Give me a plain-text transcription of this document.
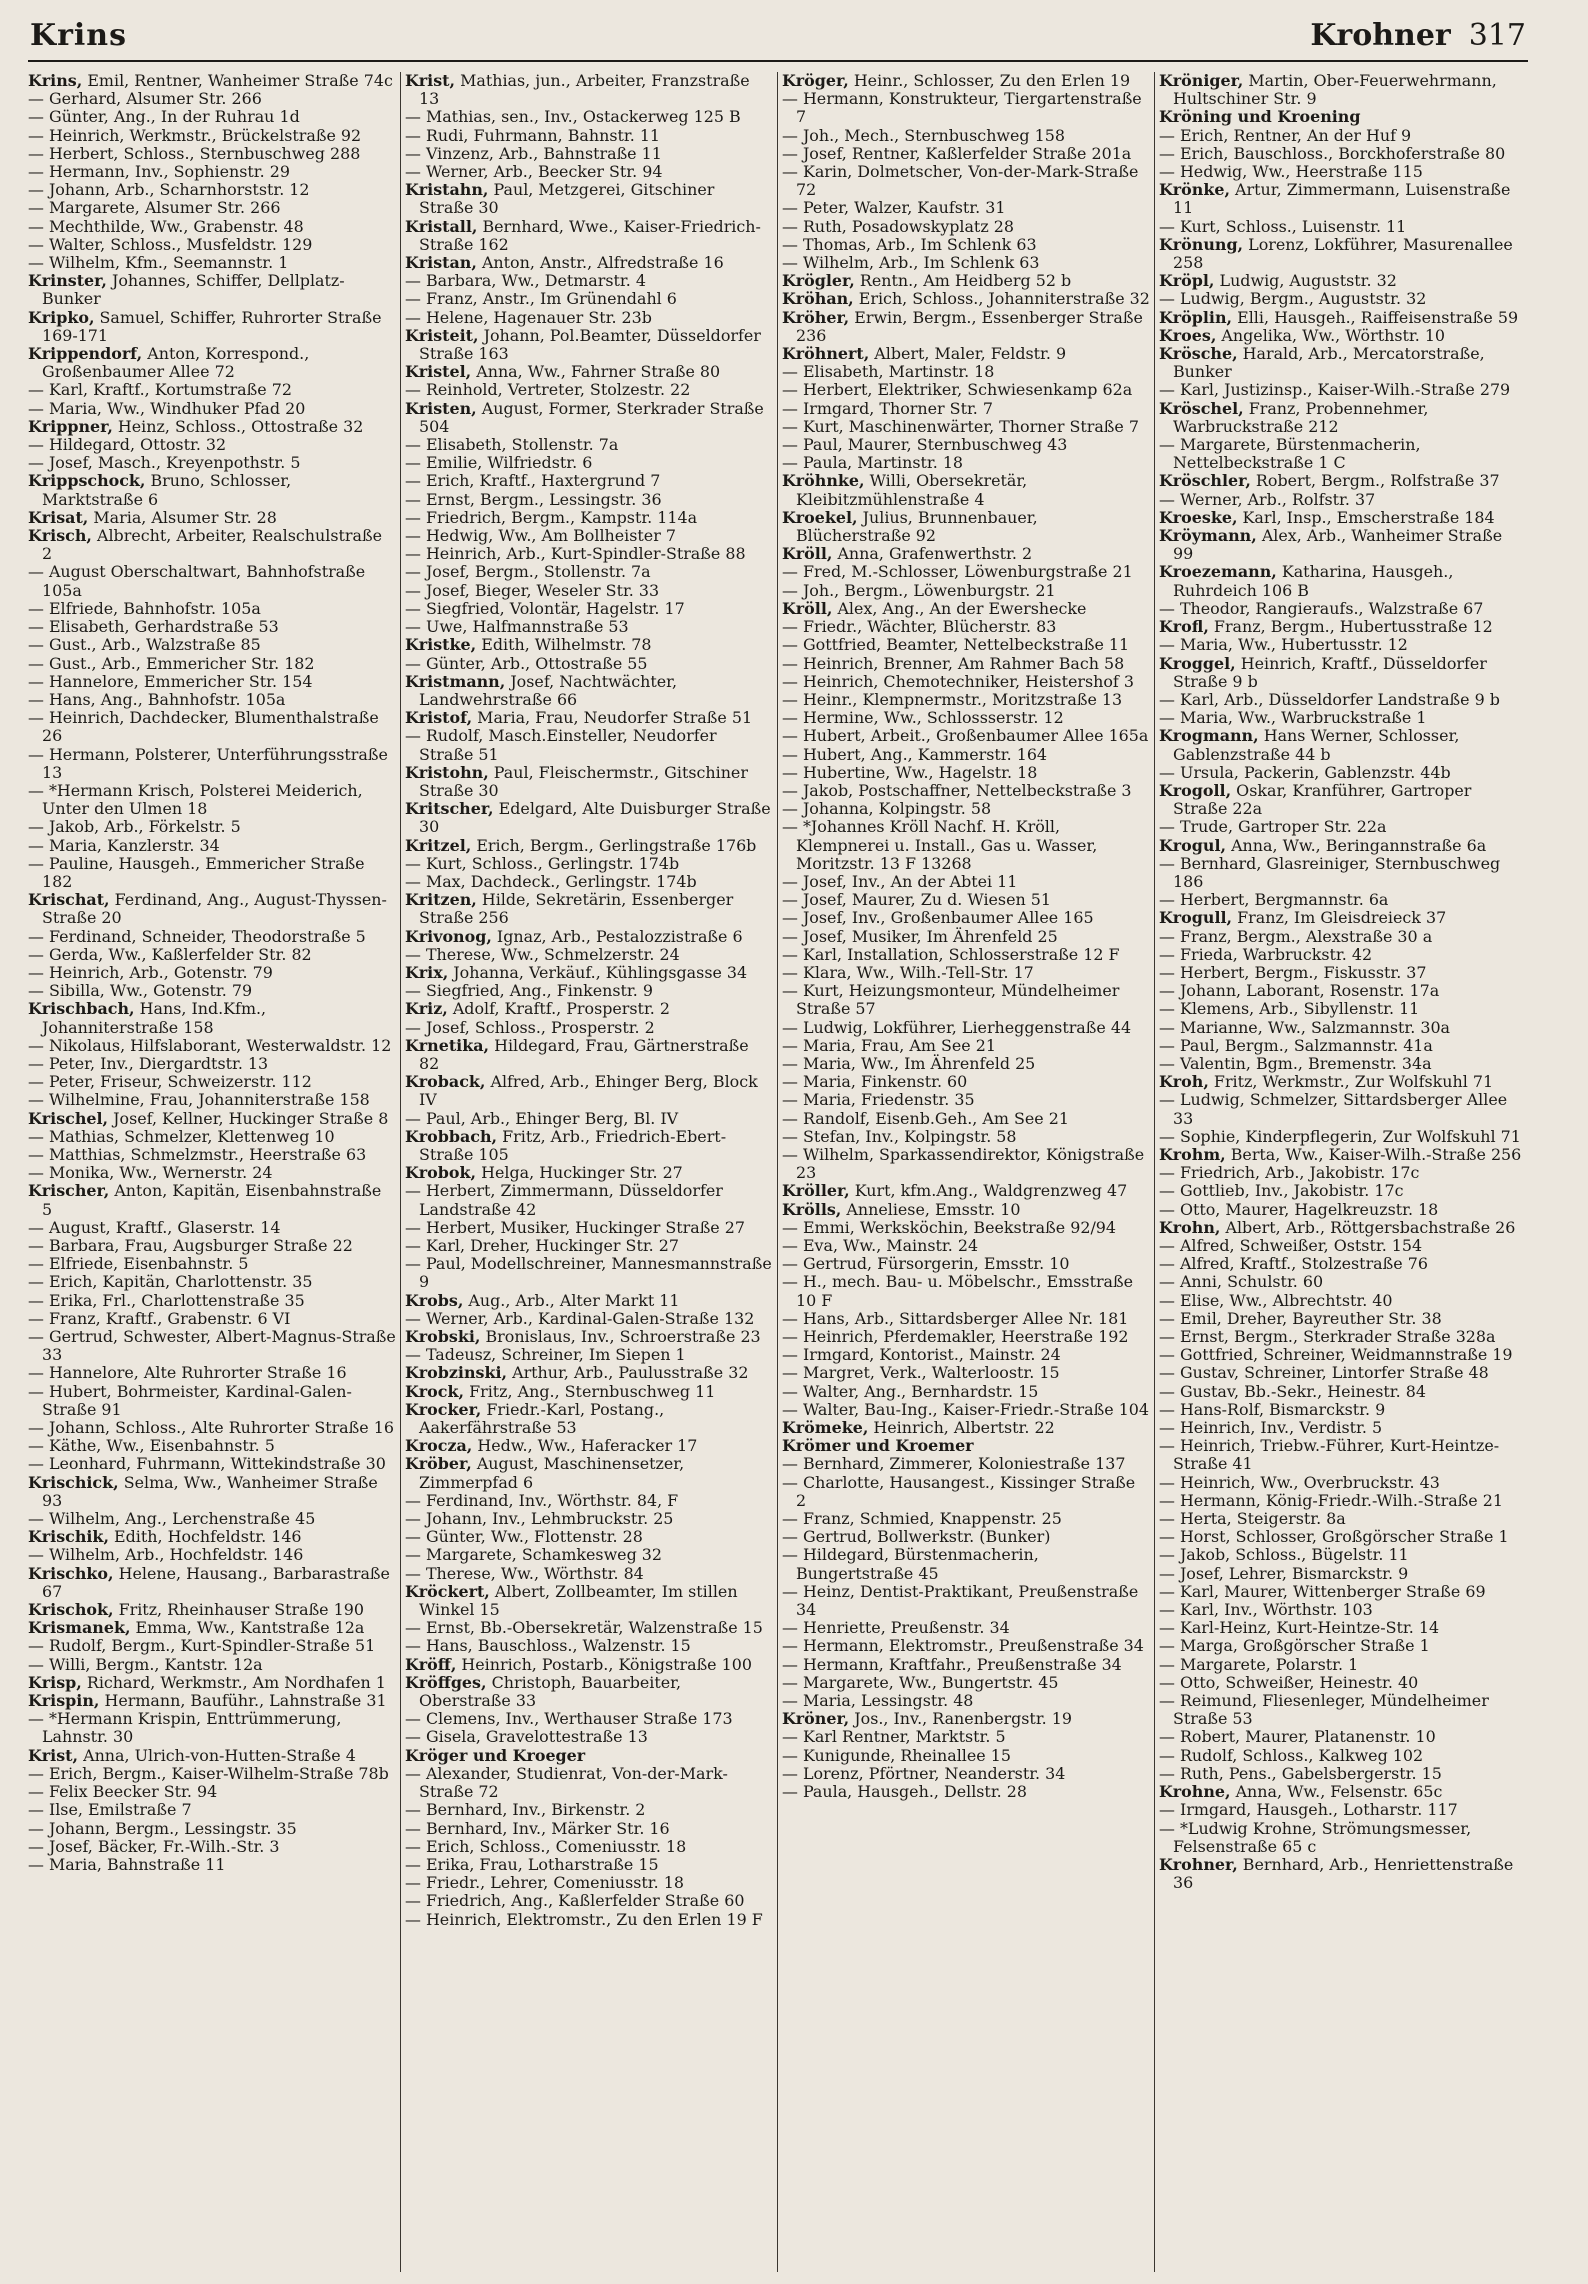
Krins	Krohner 317
Krins, Emil, Rentner, Wanheimer Straße 74c
— Gerhard, Alsumer Str. 266
— Günter, Ang., In der Ruhrau 1d
— Heinrich, Werkmstr., Brückelstraße 92
— Herbert, Schloss., Sternbuschweg 288
— Hermann, Inv., Sophienstr. 29
— Johann, Arb., Scharnhorststr. 12
— Margarete, Alsumer Str. 266
— Mechthilde, Ww., Grabenstr. 48
— Walter, Schloss., Musfeldstr. 129
— Wilhelm, Kfm., Seemannstr. 1
Krinster, Johannes, Schiffer, Dellplatz-Bunker
Kripko, Samuel, Schiffer, Ruhrorter Straße 169-171
Krippendorf, Anton, Korrespond., Großenbaumer Allee 72
— Karl, Kraftf., Kortumstraße 72
— Maria, Ww., Windhuker Pfad 20
Krippner, Heinz, Schloss., Ottostraße 32
— Hildegard, Ottostr. 32
— Josef, Masch., Kreyenpothstr. 5
Krippschock, Bruno, Schlosser, Marktstraße 6
Krisat, Maria, Alsumer Str. 28
Krisch, Albrecht, Arbeiter, Realschulstraße 2
— August Oberschaltwart, Bahnhofstraße 105a
— Elfriede, Bahnhofstr. 105a
— Elisabeth, Gerhardstraße 53
— Gust., Arb., Walzstraße 85
— Gust., Arb., Emmericher Str. 182
— Hannelore, Emmericher Str. 154
— Hans, Ang., Bahnhofstr. 105a
— Heinrich, Dachdecker, Blumenthalstraße 26
— Hermann, Polsterer, Unterführungsstraße 13
— *Hermann Krisch, Polsterei Meiderich, Unter den Ulmen 18
— Jakob, Arb., Förkelstr. 5
— Maria, Kanzlerstr. 34
— Pauline, Hausgeh., Emmericher Straße 182
Krischat, Ferdinand, Ang., August-Thyssen-Straße 20
— Ferdinand, Schneider, Theodorstraße 5
— Gerda, Ww., Kaßlerfelder Str. 82
— Heinrich, Arb., Gotenstr. 79
— Sibilla, Ww., Gotenstr. 79
Krischbach, Hans, Ind.Kfm., Johanniterstraße 158
— Nikolaus, Hilfslaborant, Westerwaldstr. 12
— Peter, Inv., Diergardtstr. 13
— Peter, Friseur, Schweizerstr. 112
— Wilhelmine, Frau, Johanniterstraße 158
Krischel, Josef, Kellner, Huckinger Straße 8
— Mathias, Schmelzer, Klettenweg 10
— Matthias, Schmelzmstr., Heerstraße 63
— Monika, Ww., Wernerstr. 24
Krischer, Anton, Kapitän, Eisenbahnstraße 5
— August, Kraftf., Glaserstr. 14
— Barbara, Frau, Augsburger Straße 22
— Elfriede, Eisenbahnstr. 5
— Erich, Kapitän, Charlottenstr. 35
— Erika, Frl., Charlottenstraße 35
— Franz, Kraftf., Grabenstr. 6 VI
— Gertrud, Schwester, Albert-Magnus-Straße 33
— Hannelore, Alte Ruhrorter Straße 16
— Hubert, Bohrmeister, Kardinal-Galen-Straße 91
— Johann, Schloss., Alte Ruhrorter Straße 16
— Käthe, Ww., Eisenbahnstr. 5
— Leonhard, Fuhrmann, Wittekindstraße 30
Krischick, Selma, Ww., Wanheimer Straße 93
— Wilhelm, Ang., Lerchenstraße 45
Krischik, Edith, Hochfeldstr. 146
— Wilhelm, Arb., Hochfeldstr. 146
Krischko, Helene, Hausang., Barbarastraße 67
Krischok, Fritz, Rheinhauser Straße 190
Krismanek, Emma, Ww., Kantstraße 12a
— Rudolf, Bergm., Kurt-Spindler-Straße 51
— Willi, Bergm., Kantstr. 12a
Krisp, Richard, Werkmstr., Am Nordhafen 1
Krispin, Hermann, Bauführ., Lahnstraße 31
— *Hermann Krispin, Enttrümmerung, Lahnstr. 30
Krist, Anna, Ulrich-von-Hutten-Straße 4
— Erich, Bergm., Kaiser-Wilhelm-Straße 78b
— Felix Beecker Str. 94
— Ilse, Emilstraße 7
— Johann, Bergm., Lessingstr. 35
— Josef, Bäcker, Fr.-Wilh.-Str. 3
— Maria, Bahnstraße 11
Krist, Mathias, jun., Arbeiter, Franzstraße 13
— Mathias, sen., Inv., Ostackerweg 125 B
— Rudi, Fuhrmann, Bahnstr. 11
— Vinzenz, Arb., Bahnstraße 11
— Werner, Arb., Beecker Str. 94
Kristahn, Paul, Metzgerei, Gitschiner Straße 30
Kristall, Bernhard, Wwe., Kaiser-Friedrich-Straße 162
Kristan, Anton, Anstr., Alfredstraße 16
— Barbara, Ww., Detmarstr. 4
— Franz, Anstr., Im Grünendahl 6
— Helene, Hagenauer Str. 23b
Kristeit, Johann, Pol.Beamter, Düsseldorfer Straße 163
Kristel, Anna, Ww., Fahrner Straße 80
— Reinhold, Vertreter, Stolzestr. 22
Kristen, August, Former, Sterkrader Straße 504
— Elisabeth, Stollenstr. 7a
— Emilie, Wilfriedstr. 6
— Erich, Kraftf., Haxtergrund 7
— Ernst, Bergm., Lessingstr. 36
— Friedrich, Bergm., Kampstr. 114a
— Hedwig, Ww., Am Bollheister 7
— Heinrich, Arb., Kurt-Spindler-Straße 88
— Josef, Bergm., Stollenstr. 7a
— Josef, Bieger, Weseler Str. 33
— Siegfried, Volontär, Hagelstr. 17
— Uwe, Halfmannstraße 53
Kristke, Edith, Wilhelmstr. 78
— Günter, Arb., Ottostraße 55
Kristmann, Josef, Nachtwächter, Landwehrstraße 66
Kristof, Maria, Frau, Neudorfer Straße 51
— Rudolf, Masch.Einsteller, Neudorfer Straße 51
Kristohn, Paul, Fleischermstr., Gitschiner Straße 30
Kritscher, Edelgard, Alte Duisburger Straße 30
Kritzel, Erich, Bergm., Gerlingstraße 176b
— Kurt, Schloss., Gerlingstr. 174b
— Max, Dachdeck., Gerlingstr. 174b
Kritzen, Hilde, Sekretärin, Essenberger Straße 256
Krivonog, Ignaz, Arb., Pestalozzistraße 6
— Therese, Ww., Schmelzerstr. 24
Krix, Johanna, Verkäuf., Kühlingsgasse 34
— Siegfried, Ang., Finkenstr. 9
Kriz, Adolf, Kraftf., Prosperstr. 2
— Josef, Schloss., Prosperstr. 2
Krnetika, Hildegard, Frau, Gärtnerstraße 82
Kroback, Alfred, Arb., Ehinger Berg, Block IV
— Paul, Arb., Ehinger Berg, Bl. IV
Krobbach, Fritz, Arb., Friedrich-Ebert-Straße 105
Krobok, Helga, Huckinger Str. 27
— Herbert, Zimmermann, Düsseldorfer Landstraße 42
— Herbert, Musiker, Huckinger Straße 27
— Karl, Dreher, Huckinger Str. 27
— Paul, Modellschreiner, Mannesmannstraße 9
Krobs, Aug., Arb., Alter Markt 11
— Werner, Arb., Kardinal-Galen-Straße 132
Krobski, Bronislaus, Inv., Schroerstraße 23
— Tadeusz, Schreiner, Im Siepen 1
Krobzinski, Arthur, Arb., Paulusstraße 32
Krock, Fritz, Ang., Sternbuschweg 11
Krocker, Friedr.-Karl, Postang., Aakerfährstraße 53
Krocza, Hedw., Ww., Haferacker 17
Kröber, August, Maschinensetzer, Zimmerpfad 6
— Ferdinand, Inv., Wörthstr. 84, F
— Johann, Inv., Lehmbruckstr. 25
— Günter, Ww., Flottenstr. 28
— Margarete, Schamkesweg 32
— Therese, Ww., Wörthstr. 84
Kröckert, Albert, Zollbeamter, Im stillen Winkel 15
— Ernst, Bb.-Obersekretär, Walzenstraße 15
— Hans, Bauschloss., Walzenstr. 15
Kröff, Heinrich, Postarb., Königstraße 100
Kröffges, Christoph, Bauarbeiter, Oberstraße 33
— Clemens, Inv., Werthauser Straße 173
— Gisela, Gravelottestraße 13
Kröger und Kroeger
— Alexander, Studienrat, Von-der-Mark-Straße 72
— Bernhard, Inv., Birkenstr. 2
— Bernhard, Inv., Märker Str. 16
— Erich, Schloss., Comeniusstr. 18
— Erika, Frau, Lotharstraße 15
— Friedr., Lehrer, Comeniusstr. 18
— Friedrich, Ang., Kaßlerfelder Straße 60
— Heinrich, Elektromstr., Zu den Erlen 19 F
Kröger, Heinr., Schlosser, Zu den Erlen 19
— Hermann, Konstrukteur, Tiergartenstraße 7
— Joh., Mech., Sternbuschweg 158
— Josef, Rentner, Kaßlerfelder Straße 201a
— Karin, Dolmetscher, Von-der-Mark-Straße 72
— Peter, Walzer, Kaufstr. 31
— Ruth, Posadowskyplatz 28
— Thomas, Arb., Im Schlenk 63
— Wilhelm, Arb., Im Schlenk 63
Krögler, Rentn., Am Heidberg 52 b
Kröhan, Erich, Schloss., Johanniterstraße 32
Kröher, Erwin, Bergm., Essenberger Straße 236
Kröhnert, Albert, Maler, Feldstr. 9
— Elisabeth, Martinstr. 18
— Herbert, Elektriker, Schwiesenkamp 62a
— Irmgard, Thorner Str. 7
— Kurt, Maschinenwärter, Thorner Straße 7
— Paul, Maurer, Sternbuschweg 43
— Paula, Martinstr. 18
Kröhnke, Willi, Obersekretär, Kleibitzmühlenstraße 4
Kroekel, Julius, Brunnenbauer, Blücherstraße 92
Kröll, Anna, Grafenwerthstr. 2
— Fred, M.-Schlosser, Löwenburgstraße 21
— Joh., Bergm., Löwenburgstr. 21
Kröll, Alex, Ang., An der Ewershecke
— Friedr., Wächter, Blücherstr. 83
— Gottfried, Beamter, Nettelbeckstraße 11
— Heinrich, Brenner, Am Rahmer Bach 58
— Heinrich, Chemotechniker, Heistershof 3
— Heinr., Klempnermstr., Moritzstraße 13
— Hermine, Ww., Schlossserstr. 12
— Hubert, Arbeit., Großenbaumer Allee 165a
— Hubert, Ang., Kammerstr. 164
— Hubertine, Ww., Hagelstr. 18
— Jakob, Postschaffner, Nettelbeckstraße 3
— Johanna, Kolpingstr. 58
— *Johannes Kröll Nachf. H. Kröll, Klempnerei u. Install., Gas u. Wasser, Moritzstr. 13 F 13268
— Josef, Inv., An der Abtei 11
— Josef, Maurer, Zu d. Wiesen 51
— Josef, Inv., Großenbaumer Allee 165
— Josef, Musiker, Im Ährenfeld 25
— Karl, Installation, Schlosserstraße 12 F
— Klara, Ww., Wilh.-Tell-Str. 17
— Kurt, Heizungsmonteur, Mündelheimer Straße 57
— Ludwig, Lokführer, Lierheggenstraße 44
— Maria, Frau, Am See 21
— Maria, Ww., Im Ährenfeld 25
— Maria, Finkenstr. 60
— Maria, Friedenstr. 35
— Randolf, Eisenb.Geh., Am See 21
— Stefan, Inv., Kolpingstr. 58
— Wilhelm, Sparkassendirektor, Königstraße 23
Kröller, Kurt, kfm.Ang., Waldgrenzweg 47
Krölls, Anneliese, Emsstr. 10
— Emmi, Werksköchin, Beekstraße 92/94
— Eva, Ww., Mainstr. 24
— Gertrud, Fürsorgerin, Emsstr. 10
— H., mech. Bau- u. Möbelschr., Emsstraße 10 F
— Hans, Arb., Sittardsberger Allee Nr. 181
— Heinrich, Pferdemakler, Heerstraße 192
— Irmgard, Kontorist., Mainstr. 24
— Margret, Verk., Walterloostr. 15
— Walter, Ang., Bernhardstr. 15
— Walter, Bau-Ing., Kaiser-Friedr.-Straße 104
Krömeke, Heinrich, Albertstr. 22
Krömer und Kroemer
— Bernhard, Zimmerer, Koloniestraße 137
— Charlotte, Hausangest., Kissinger Straße 2
— Franz, Schmied, Knappenstr. 25
— Gertrud, Bollwerkstr. (Bunker)
— Hildegard, Bürstenmacherin, Bungertstraße 45
— Heinz, Dentist-Praktikant, Preußenstraße 34
— Henriette, Preußenstr. 34
— Hermann, Elektromstr., Preußenstraße 34
— Hermann, Kraftfahr., Preußenstraße 34
— Margarete, Ww., Bungertstr. 45
— Maria, Lessingstr. 48
Kröner, Jos., Inv., Ranenbergstr. 19
— Karl Rentner, Marktstr. 5
— Kunigunde, Rheinallee 15
— Lorenz, Pförtner, Neanderstr. 34
— Paula, Hausgeh., Dellstr. 28
Kröniger, Martin, Ober-Feuerwehrmann, Hultschiner Str. 9
Kröning und Kroening
— Erich, Rentner, An der Huf 9
— Erich, Bauschloss., Borckhoferstraße 80
— Hedwig, Ww., Heerstraße 115
Krönke, Artur, Zimmermann, Luisenstraße 11
— Kurt, Schloss., Luisenstr. 11
Krönung, Lorenz, Lokführer, Masurenallee 258
Kröpl, Ludwig, Auguststr. 32
— Ludwig, Bergm., Auguststr. 32
Kröplin, Elli, Hausgeh., Raiffeisenstraße 59
Kroes, Angelika, Ww., Wörthstr. 10
Krösche, Harald, Arb., Mercatorstraße, Bunker
— Karl, Justizinsp., Kaiser-Wilh.-Straße 279
Kröschel, Franz, Probennehmer, Warbruckstraße 212
— Margarete, Bürstenmacherin, Nettelbeckstraße 1 C
Kröschler, Robert, Bergm., Rolfstraße 37
— Werner, Arb., Rolfstr. 37
Kroeske, Karl, Insp., Emscherstraße 184
Kröymann, Alex, Arb., Wanheimer Straße 99
Kroezemann, Katharina, Hausgeh., Ruhrdeich 106 B
— Theodor, Rangieraufs., Walzstraße 67
Krofl, Franz, Bergm., Hubertusstraße 12
— Maria, Ww., Hubertusstr. 12
Kroggel, Heinrich, Kraftf., Düsseldorfer Straße 9 b
— Karl, Arb., Düsseldorfer Landstraße 9 b
— Maria, Ww., Warbruckstraße 1
Krogmann, Hans Werner, Schlosser, Gablenzstraße 44 b
— Ursula, Packerin, Gablenzstr. 44b
Krogoll, Oskar, Kranführer, Gartroper Straße 22a
— Trude, Gartroper Str. 22a
Krogul, Anna, Ww., Beringannstraße 6a
— Bernhard, Glasreiniger, Sternbuschweg 186
— Herbert, Bergmannstr. 6a
Krogull, Franz, Im Gleisdreieck 37
— Franz, Bergm., Alexstraße 30 a
— Frieda, Warbruckstr. 42
— Herbert, Bergm., Fiskusstr. 37
— Johann, Laborant, Rosenstr. 17a
— Klemens, Arb., Sibyllenstr. 11
— Marianne, Ww., Salzmannstr. 30a
— Paul, Bergm., Salzmannstr. 41a
— Valentin, Bgm., Bremenstr. 34a
Kroh, Fritz, Werkmstr., Zur Wolfskuhl 71
— Ludwig, Schmelzer, Sittardsberger Allee 33
— Sophie, Kinderpflegerin, Zur Wolfskuhl 71
Krohm, Berta, Ww., Kaiser-Wilh.-Straße 256
— Friedrich, Arb., Jakobistr. 17c
— Gottlieb, Inv., Jakobistr. 17c
— Otto, Maurer, Hagelkreuzstr. 18
Krohn, Albert, Arb., Röttgersbachstraße 26
— Alfred, Schweißer, Oststr. 154
— Alfred, Kraftf., Stolzestraße 76
— Anni, Schulstr. 60
— Elise, Ww., Albrechtstr. 40
— Emil, Dreher, Bayreuther Str. 38
— Ernst, Bergm., Sterkrader Straße 328a
— Gottfried, Schreiner, Weidmannstraße 19
— Gustav, Schreiner, Lintorfer Straße 48
— Gustav, Bb.-Sekr., Heinestr. 84
— Hans-Rolf, Bismarckstr. 9
— Heinrich, Inv., Verdistr. 5
— Heinrich, Triebw.-Führer, Kurt-Heintze-Straße 41
— Heinrich, Ww., Overbruckstr. 43
— Hermann, König-Friedr.-Wilh.-Straße 21
— Herta, Steigerstr. 8a
— Horst, Schlosser, Großgörscher Straße 1
— Jakob, Schloss., Bügelstr. 11
— Josef, Lehrer, Bismarckstr. 9
— Karl, Maurer, Wittenberger Straße 69
— Karl, Inv., Wörthstr. 103
— Karl-Heinz, Kurt-Heintze-Str. 14
— Marga, Großgörscher Straße 1
— Margarete, Polarstr. 1
— Otto, Schweißer, Heinestr. 40
— Reimund, Fliesenleger, Mündelheimer Straße 53
— Robert, Maurer, Platanenstr. 10
— Rudolf, Schloss., Kalkweg 102
— Ruth, Pens., Gabelsbergerstr. 15
Krohne, Anna, Ww., Felsenstr. 65c
— Irmgard, Hausgeh., Lotharstr. 117
— *Ludwig Krohne, Strömungsmesser, Felsenstraße 65 c
Krohner, Bernhard, Arb., Henriettenstraße 36
